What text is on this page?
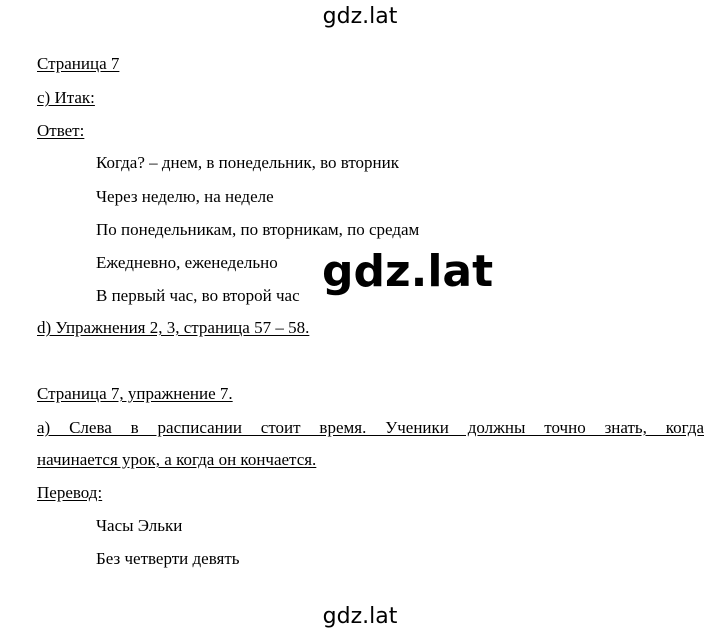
gdz.lat
Страница 7
с) Итак:
Ответ:
Когда? – днем, в понедельник, во вторник
Через неделю, на неделе
По понедельникам, по вторникам, по средам
Ежедневно, еженедельно
В первый час, во второй час
d) Упражнения 2, 3, страница 57 – 58.
Страница 7, упражнение 7.
а) Слева в расписании стоит время. Ученики должны точно знать, когда
начинается урок, а когда он кончается.
Перевод:
Часы Эльки
Без четверти девять
gdz.lat
gdz.lat
